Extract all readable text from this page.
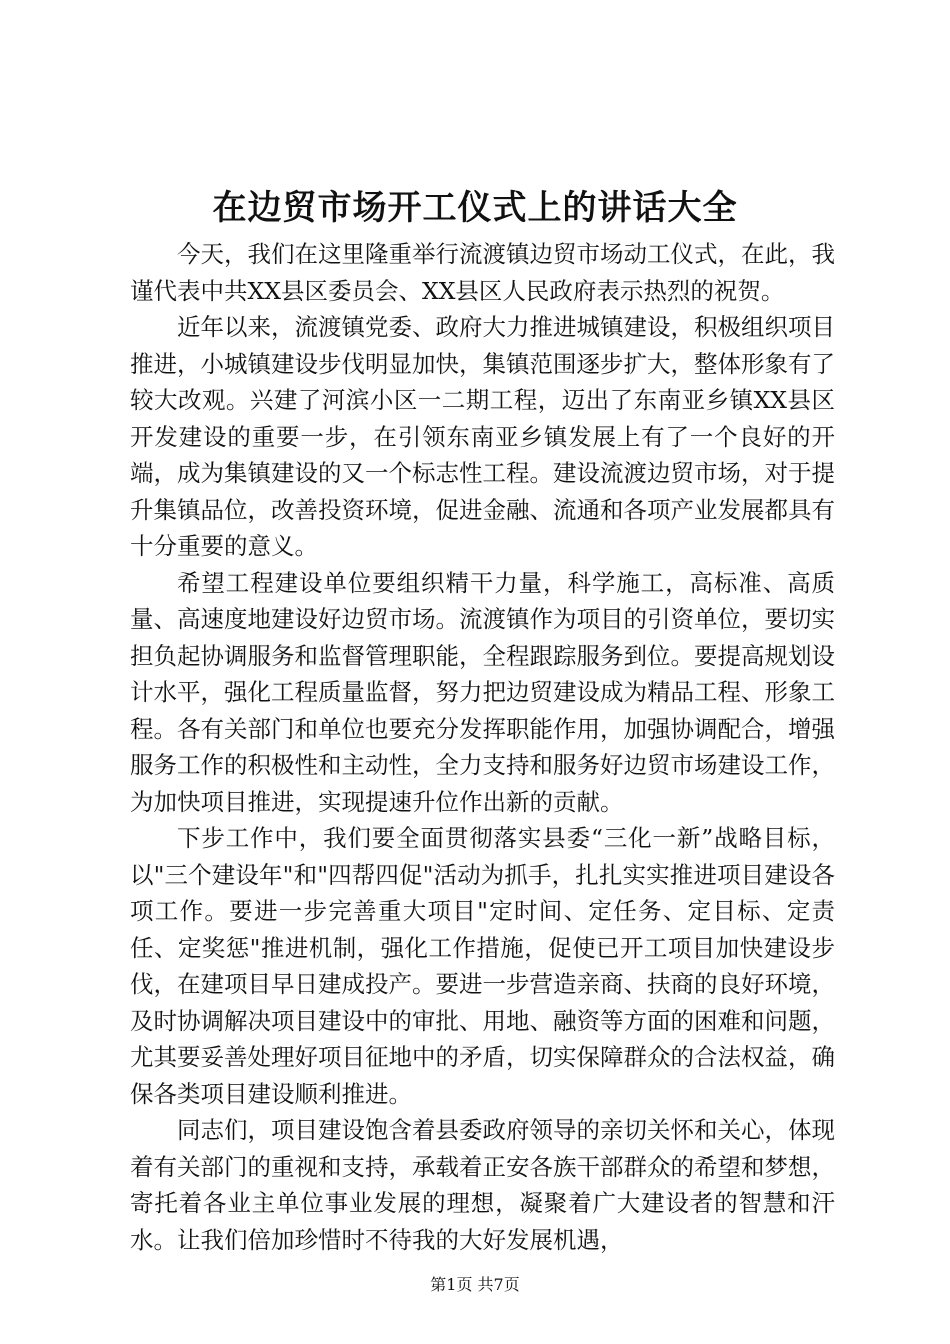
在边贸市场开工仪式上的讲话大全

今天，我们在这里隆重举行流渡镇边贸市场动工仪式，在此，我谨代表中共XX县区委员会、XX县区人民政府表示热烈的祝贺。

近年以来，流渡镇党委、政府大力推进城镇建设，积极组织项目推进，小城镇建设步伐明显加快，集镇范围逐步扩大，整体形象有了较大改观。兴建了河滨小区一二期工程，迈出了东南亚乡镇XX县区开发建设的重要一步，在引领东南亚乡镇发展上有了一个良好的开端，成为集镇建设的又一个标志性工程。建设流渡边贸市场，对于提升集镇品位，改善投资环境，促进金融、流通和各项产业发展都具有十分重要的意义。

希望工程建设单位要组织精干力量，科学施工，高标准、高质量、高速度地建设好边贸市场。流渡镇作为项目的引资单位，要切实担负起协调服务和监督管理职能，全程跟踪服务到位。要提高规划设计水平，强化工程质量监督，努力把边贸建设成为精品工程、形象工程。各有关部门和单位也要充分发挥职能作用，加强协调配合，增强服务工作的积极性和主动性，全力支持和服务好边贸市场建设工作，为加快项目推进，实现提速升位作出新的贡献。

下步工作中，我们要全面贯彻落实县委“三化一新”战略目标，以"三个建设年"和"四帮四促"活动为抓手，扎扎实实推进项目建设各项工作。要进一步完善重大项目"定时间、定任务、定目标、定责任、定奖惩"推进机制，强化工作措施，促使已开工项目加快建设步伐，在建项目早日建成投产。要进一步营造亲商、扶商的良好环境，及时协调解决项目建设中的审批、用地、融资等方面的困难和问题，尤其要妥善处理好项目征地中的矛盾，切实保障群众的合法权益，确保各类项目建设顺利推进。

同志们，项目建设饱含着县委政府领导的亲切关怀和关心，体现着有关部门的重视和支持，承载着正安各族干部群众的希望和梦想，寄托着各业主单位事业发展的理想，凝聚着广大建设者的智慧和汗水。让我们倍加珍惜时不待我的大好发展机遇，

第1页 共7页
